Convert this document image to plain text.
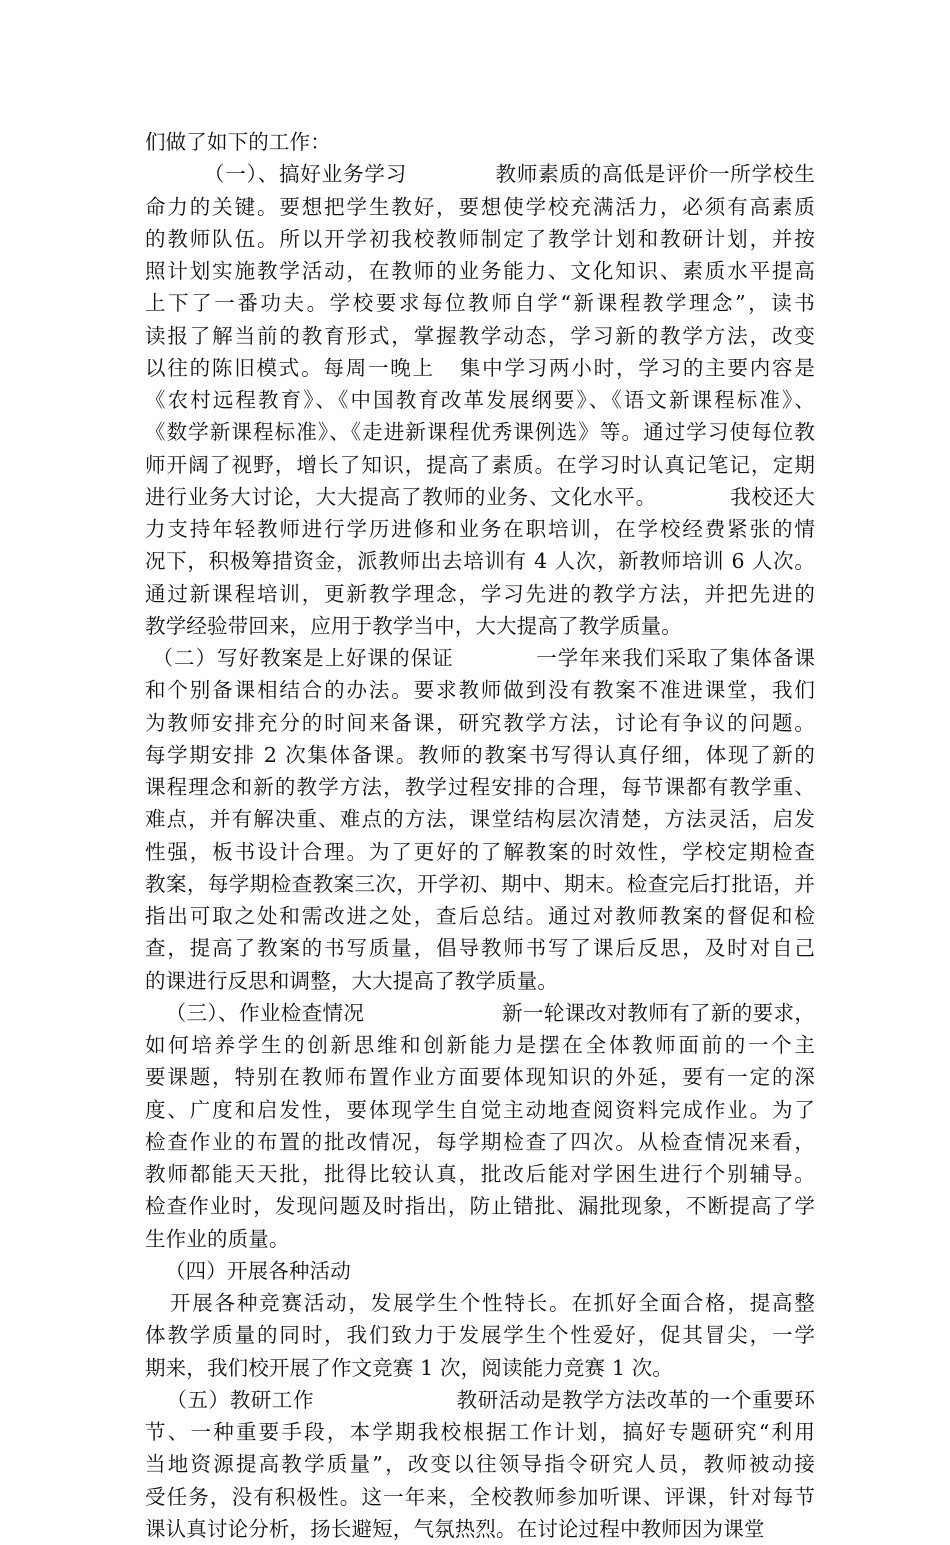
们做了如下的工作：
（一）、搞好业务学习            教师素质的高低是评价一所学校生
命力的关键。要想把学生教好，要想使学校充满活力，必须有高素质
的教师队伍。所以开学初我校教师制定了教学计划和教研计划，并按
照计划实施教学活动，在教师的业务能力、文化知识、素质水平提高
上下了一番功夫。学校要求每位教师自学“新课程教学理念”，读书
读报了解当前的教育形式，掌握教学动态，学习新的教学方法，改变
以往的陈旧模式。每周一晚上   集中学习两小时，学习的主要内容是
《农村远程教育》、《中国教育改革发展纲要》、《语文新课程标准》、
《数学新课程标准》、《走进新课程优秀课例选》等。通过学习使每位教
师开阔了视野，增长了知识，提高了素质。在学习时认真记笔记，定期
进行业务大讨论，大大提高了教师的业务、文化水平。          我校还大
力支持年轻教师进行学历进修和业务在职培训，在学校经费紧张的情
况下，积极筹措资金，派教师出去培训有 4 人次，新教师培训 6 人次。
通过新课程培训，更新教学理念，学习先进的教学方法，并把先进的
教学经验带回来，应用于教学当中，大大提高了教学质量。
（二）写好教案是上好课的保证           一学年来我们采取了集体备课
和个别备课相结合的办法。要求教师做到没有教案不准进课堂，我们
为教师安排充分的时间来备课，研究教学方法，讨论有争议的问题。
每学期安排 2 次集体备课。教师的教案书写得认真仔细，体现了新的
课程理念和新的教学方法，教学过程安排的合理，每节课都有教学重、
难点，并有解决重、难点的方法，课堂结构层次清楚，方法灵活，启发
性强，板书设计合理。为了更好的了解教案的时效性，学校定期检查
教案，每学期检查教案三次，开学初、期中、期末。检查完后打批语，并
指出可取之处和需改进之处，查后总结。通过对教师教案的督促和检
查，提高了教案的书写质量，倡导教师书写了课后反思，及时对自己
的课进行反思和调整，大大提高了教学质量。
（三）、作业检查情况                    新一轮课改对教师有了新的要求，
如何培养学生的创新思维和创新能力是摆在全体教师面前的一个主
要课题，特别在教师布置作业方面要体现知识的外延，要有一定的深
度、广度和启发性，要体现学生自觉主动地查阅资料完成作业。为了
检查作业的布置的批改情况，每学期检查了四次。从检查情况来看，
教师都能天天批，批得比较认真，批改后能对学困生进行个别辅导。
检查作业时，发现问题及时指出，防止错批、漏批现象，不断提高了学
生作业的质量。
（四）开展各种活动
开展各种竞赛活动，发展学生个性特长。在抓好全面合格，提高整
体教学质量的同时，我们致力于发展学生个性爱好，促其冒尖，一学
期来，我们校开展了作文竞赛 1 次，阅读能力竞赛 1 次。
（五）教研工作                    教研活动是教学方法改革的一个重要环
节、一种重要手段，本学期我校根据工作计划，搞好专题研究“利用
当地资源提高教学质量”，改变以往领导指令研究人员，教师被动接
受任务，没有积极性。这一年来，全校教师参加听课、评课，针对每节
课认真讨论分析，扬长避短，气氛热烈。在讨论过程中教师因为课堂
